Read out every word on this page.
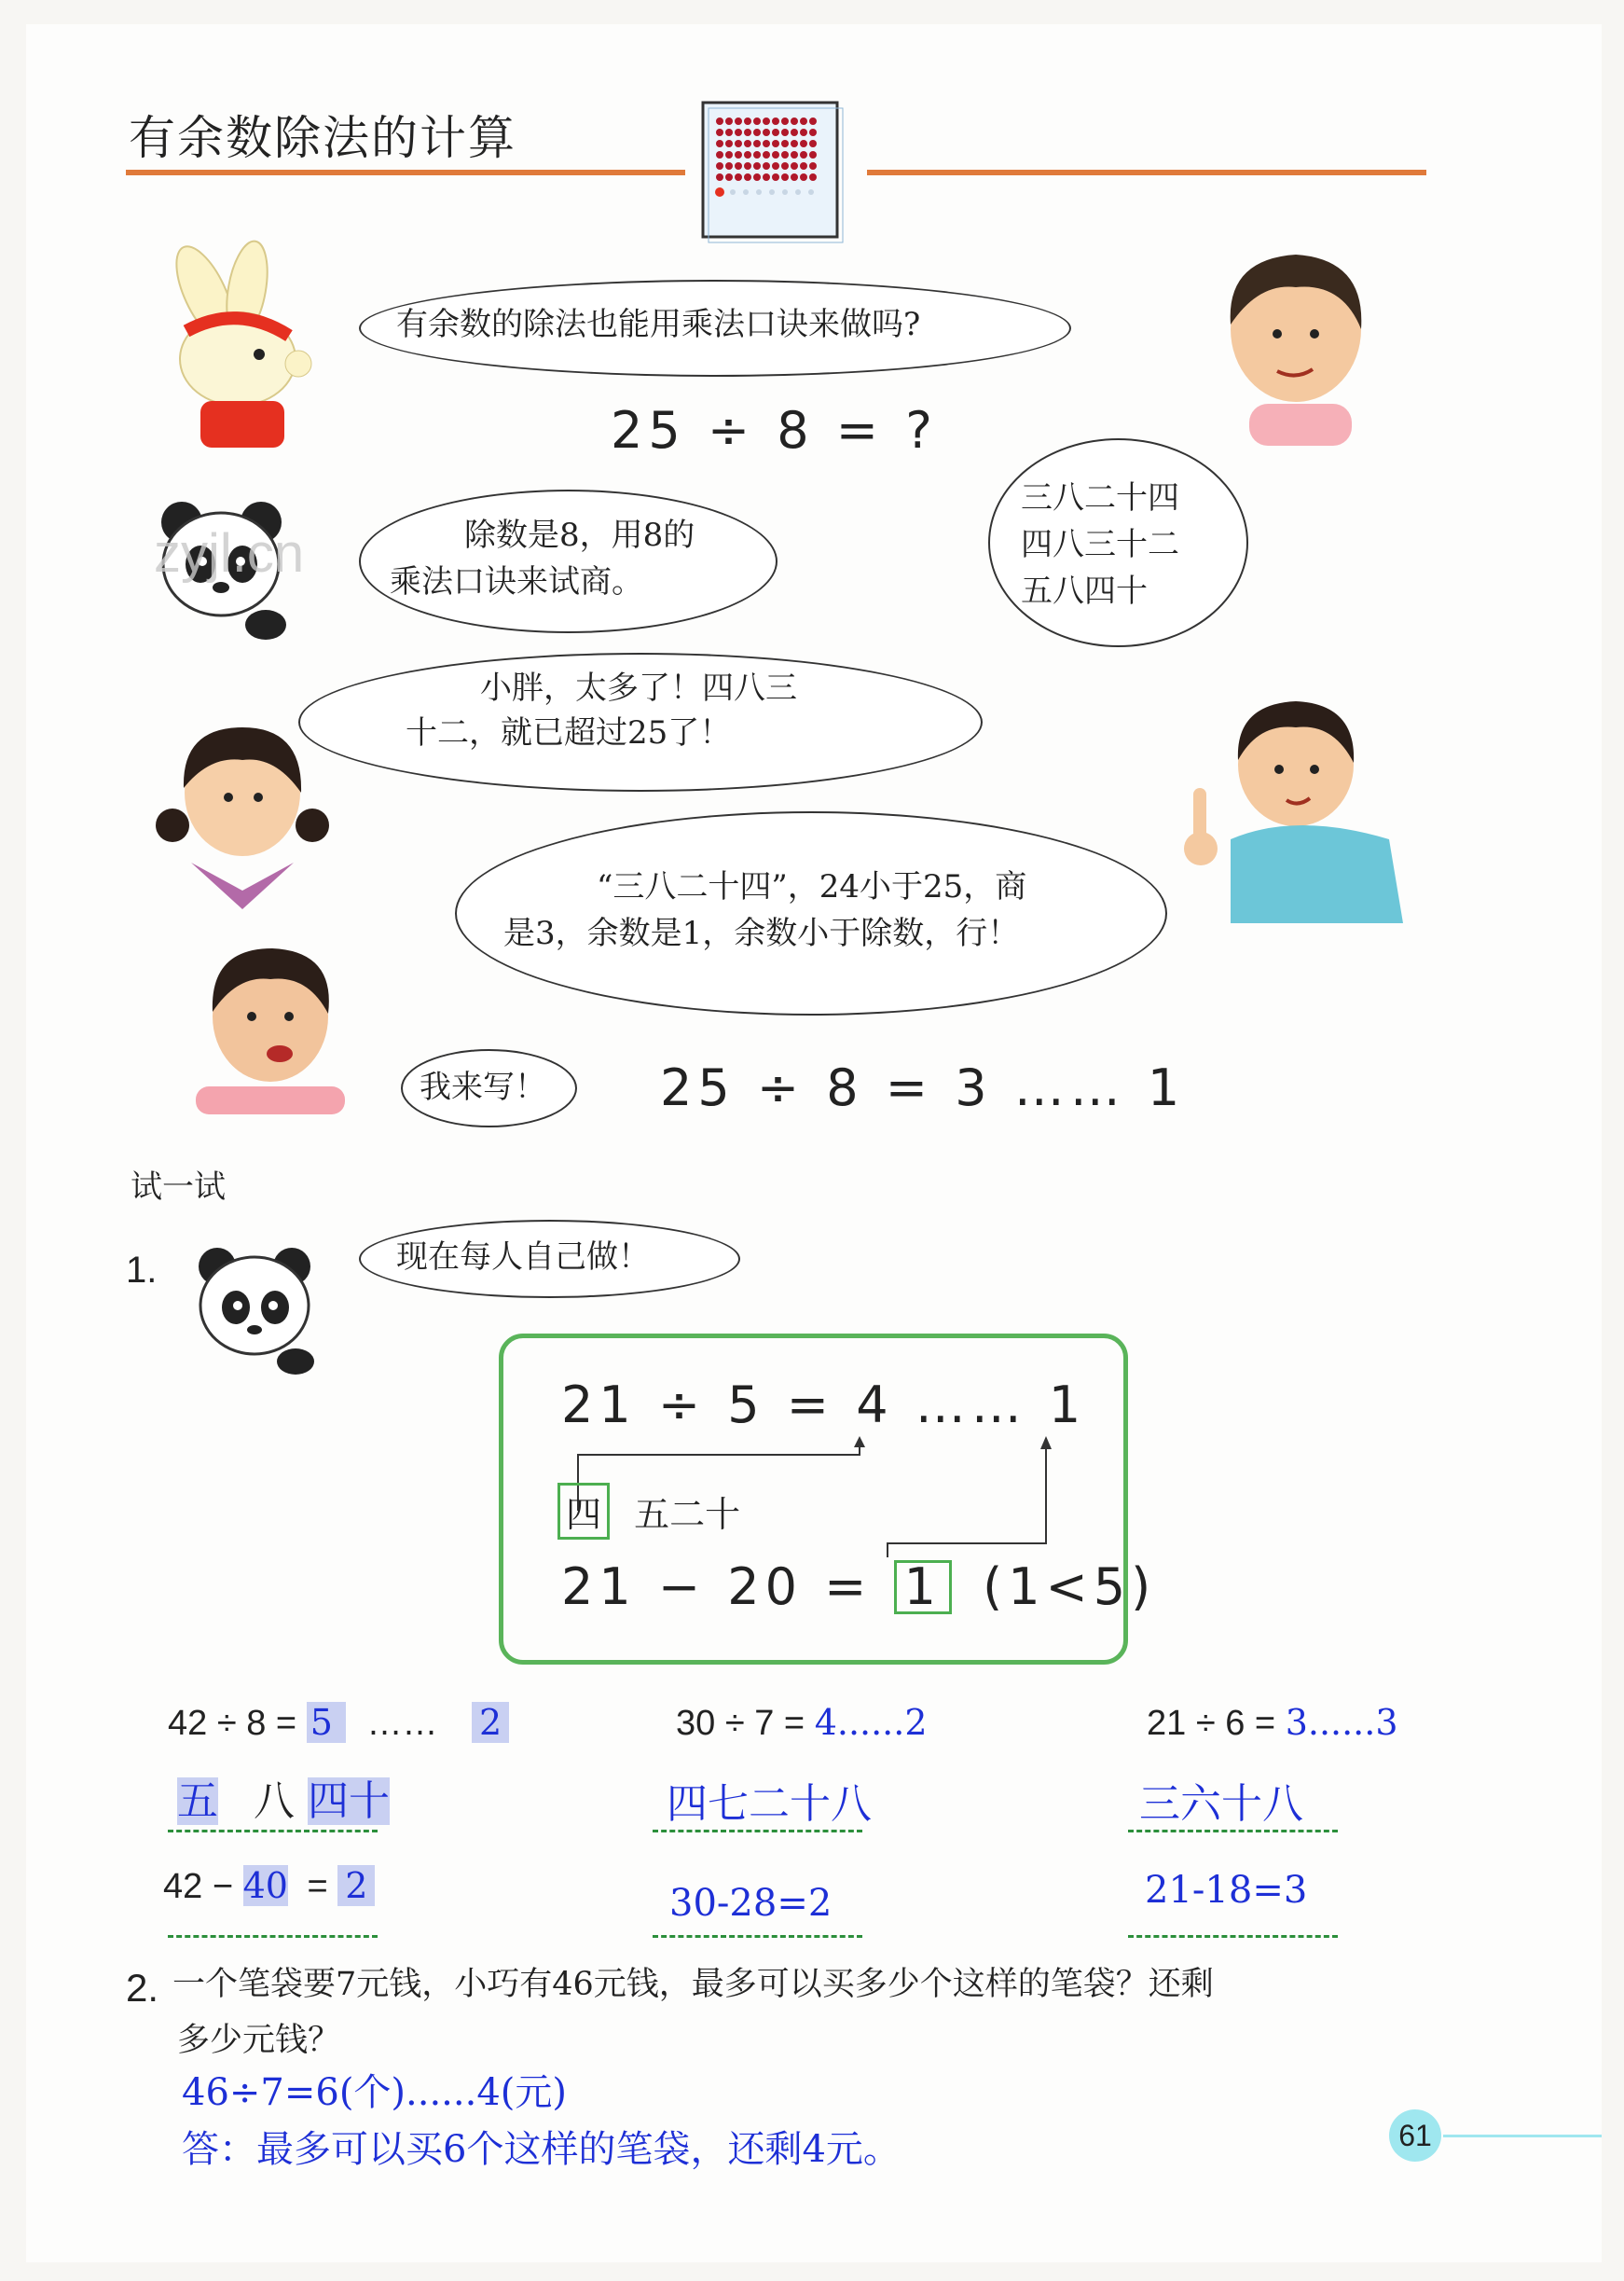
有余数除法的计算
有余数的除法也能用乘法口诀来做吗?
25 ÷ 8 = ?
zyjl.cn	除数是8，用8的
乘法口诀来试商。
三八二十四
四八三十二
五八四十
小胖，太多了！四八三
十二，就已超过25了！
“三八二十四”，24小于25，商
是3，余数是1，余数小于除数，行！
我来写！ 25 ÷ 8 = 3 …… 1
试一试
1.	现在每人自己做！
21 ÷ 5 = 4 …… 1
四 五二十
21 − 20 = 1 (1<5)
42 ÷ 8 = 5 …… 2
五 八 四十
42 − 40 = 2
30 ÷ 7 = 4......2
四七二十八
30-28=2
21 ÷ 6 = 3......3
三六十八
21-18=3
2. 一个笔袋要7元钱，小巧有46元钱，最多可以买多少个这样的笔袋？还剩
多少元钱？
46÷7=6(个)......4(元)
答：最多可以买6个这样的笔袋，还剩4元。	61
